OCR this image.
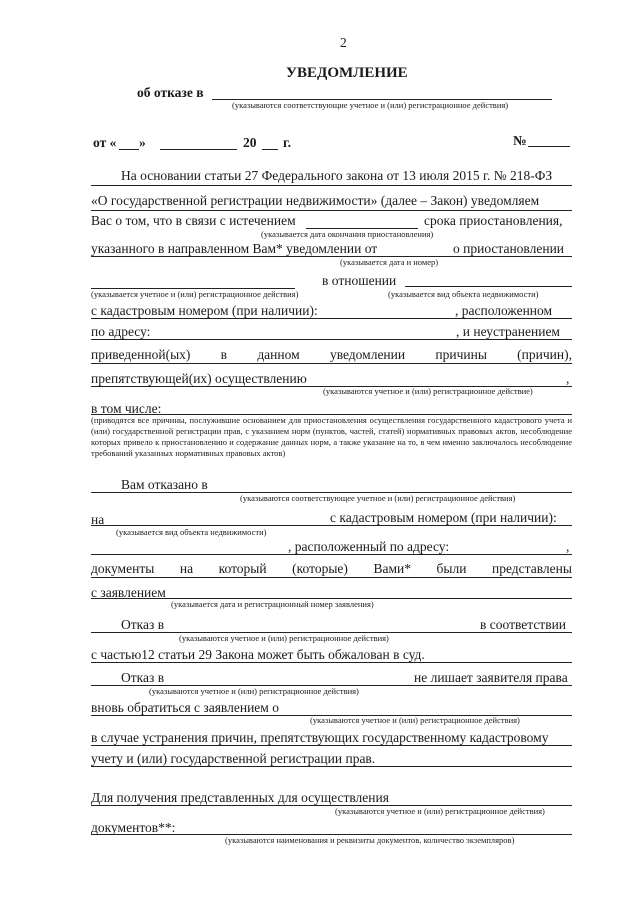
2
УВЕДОМЛЕНИЕ
об отказе в
(указываются соответствующие учетное и (или) регистрационное действия)
от « »	20 г.	№
На основании статьи 27 Федерального закона от 13 июля 2015 г. № 218-ФЗ
«О государственной регистрации недвижимости» (далее – Закон) уведомляем
Вас о том, что в связи с истечением	срока приостановления,
(указывается дата окончания приостановления)
указанного в направленном Вам* уведомлении от	о приостановлении
(указывается дата и номер)
в отношении
(указывается учетное и (или) регистрационное действия)	(указывается вид объекта недвижимости)
с кадастровым номером (при наличии):	, расположенном
по адресу:	, и неустранением
приведенной(ых) в данном уведомлении причины (причин),
препятствующей(их) осуществлению	,
(указываются учетное и (или) регистрационное действие)
в том числе:
(приводятся все причины, послужившие основанием для приостановления осуществления государственного кадастрового учета и (или) государственной регистрации прав, с указанием норм (пунктов, частей, статей) нормативных правовых актов, несоблюдение которых привело к приостановлению и содержание данных норм, а также указание на то, в чем именно заключалось несоблюдение требований указанных нормативных правовых актов)
Вам отказано в
(указываются соответствующее учетное и (или) регистрационное действия)
на	с кадастровым номером (при наличии):
(указывается вид объекта недвижимости)
, расположенный по адресу:	,
документы на который (которые) Вами* были представлены
с заявлением
(указывается дата и регистрационный номер заявления)
Отказ в	в соответствии
(указываются учетное и (или) регистрационное действия)
с частью12 статьи 29 Закона может быть обжалован в суд.
Отказ в	не лишает заявителя права
(указываются учетное и (или) регистрационное действия)
вновь обратиться с заявлением о
(указываются учетное и (или) регистрационное действия)
в случае устранения причин, препятствующих государственному кадастровому
учету и (или) государственной регистрации прав.
Для получения представленных для осуществления
(указываются учетное и (или) регистрационное действия)
документов**:
(указываются наименования и реквизиты документов, количество экземпляров)
